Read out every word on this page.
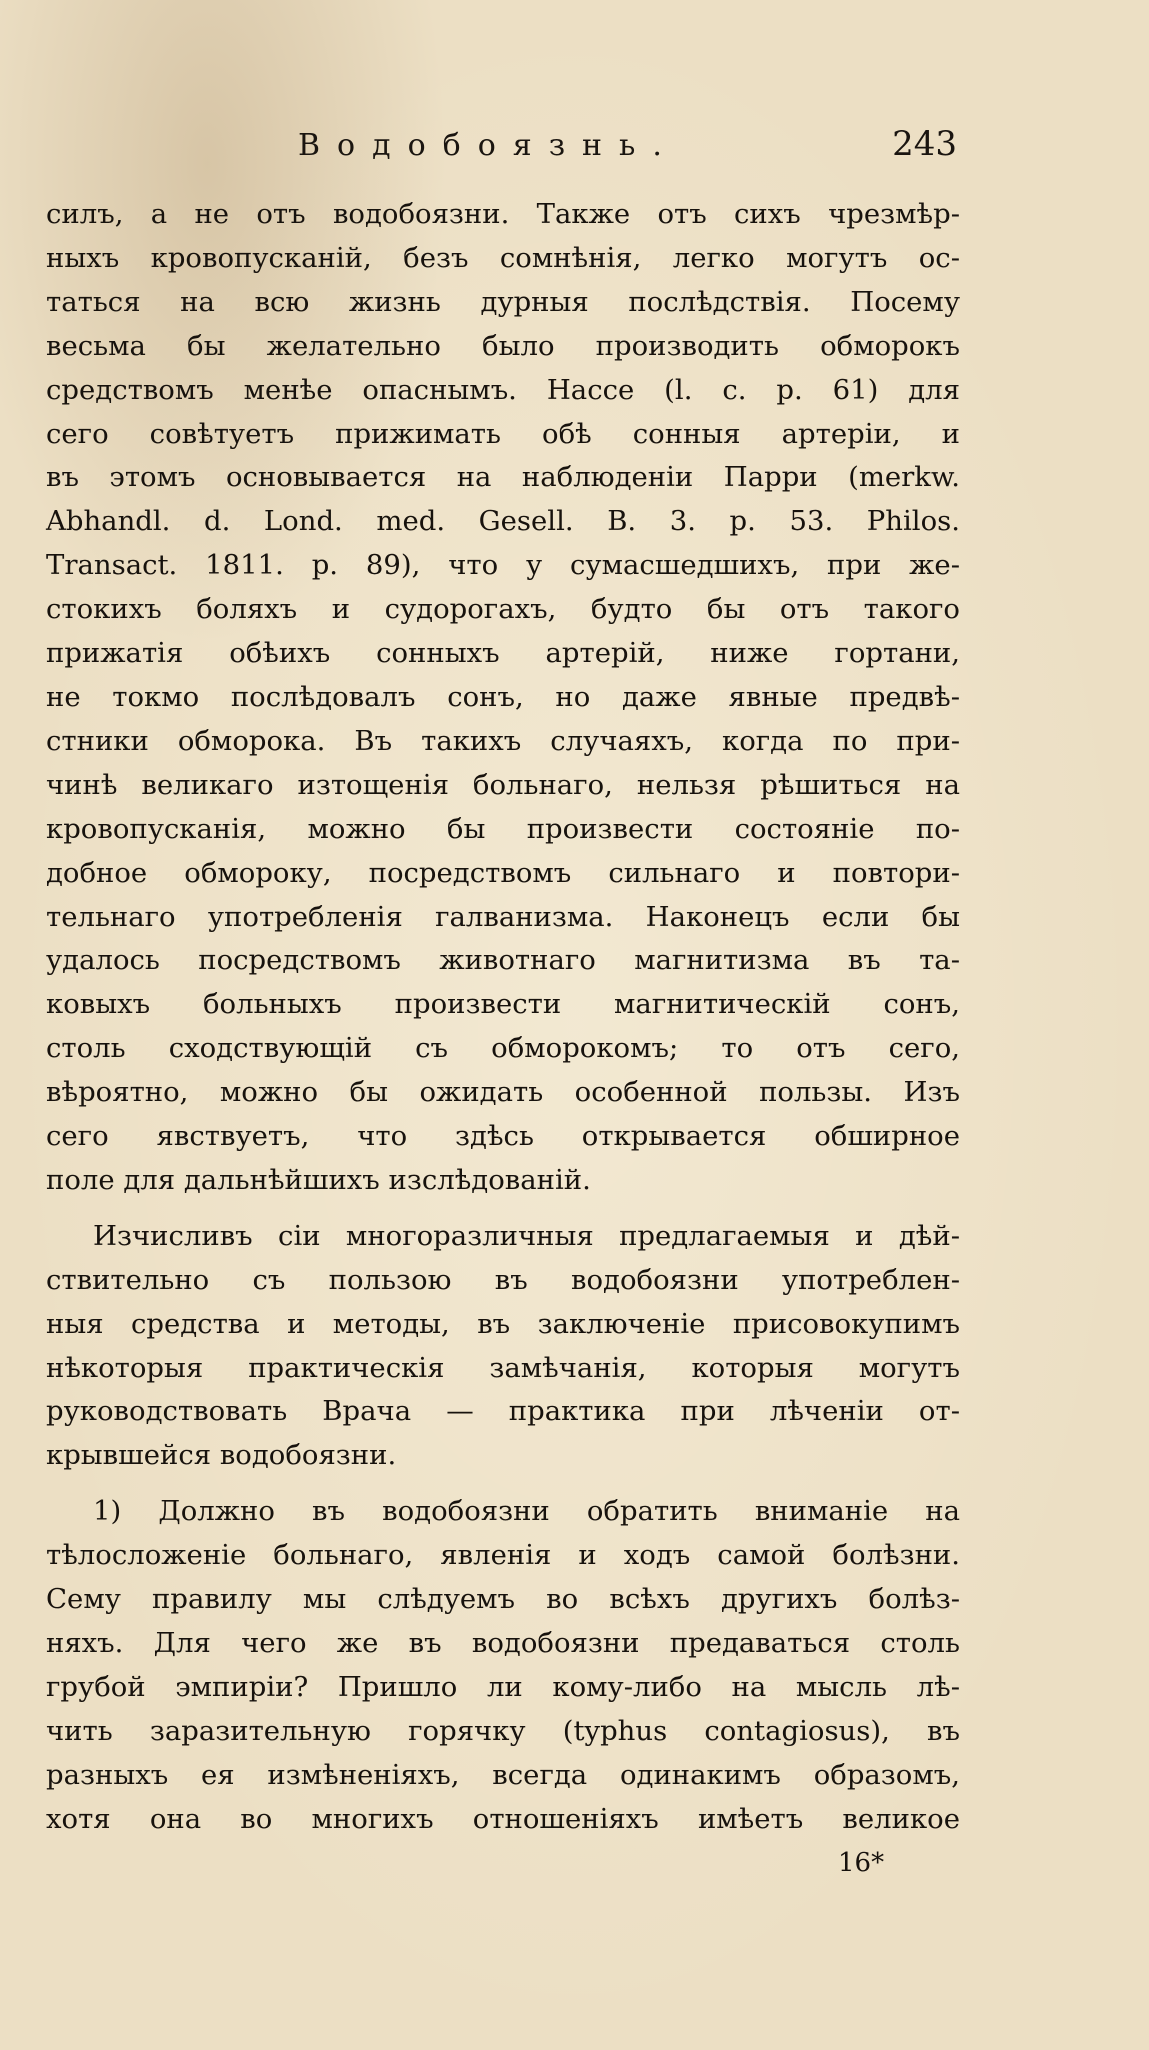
Водобоязнь.	243
силъ, а не отъ водобоязни. Также отъ сихъ чрезмѣр-
ныхъ кровопусканій, безъ сомнѣнія, легко могутъ ос-
таться на всю жизнь дурныя послѣдствія. Посему
весьма бы желательно было производить обморокъ
средствомъ менѣе опаснымъ. Нассе (l. c. p. 61) для
сего совѣтуетъ прижимать обѣ сонныя артеріи, и
въ этомъ основывается на наблюденіи Парри (merkw.
Abhandl. d. Lond. med. Gesell. B. 3. p. 53. Philos.
Transact. 1811. p. 89), что у сумасшедшихъ, при же-
стокихъ боляхъ и судорогахъ, будто бы отъ такого
прижатія обѣихъ сонныхъ артерій, ниже гортани,
не токмо послѣдовалъ сонъ, но даже явные предвѣ-
стники обморока. Въ такихъ случаяхъ, когда по при-
чинѣ великаго изтощенія больнаго, нельзя рѣшиться на
кровопусканія, можно бы произвести состояніе по-
добное обмороку, посредствомъ сильнаго и повтори-
тельнаго употребленія галванизма. Наконецъ если бы
удалось посредствомъ животнаго магнитизма въ та-
ковыхъ больныхъ произвести магнитическій сонъ,
столь сходствующій съ обморокомъ; то отъ сего,
вѣроятно, можно бы ожидать особенной пользы. Изъ
сего явствуетъ, что здѣсь открывается обширное
поле для дальнѣйшихъ изслѣдованій.
Изчисливъ сіи многоразличныя предлагаемыя и дѣй-
ствительно съ пользою въ водобоязни употреблен-
ныя средства и методы, въ заключеніе присовокупимъ
нѣкоторыя практическія замѣчанія, которыя могутъ
руководствовать Врача — практика при лѣченіи от-
крывшейся водобоязни.
1) Должно въ водобоязни обратить вниманіе на
тѣлосложеніе больнаго, явленія и ходъ самой болѣзни.
Сему правилу мы слѣдуемъ во всѣхъ другихъ болѣз-
няхъ. Для чего же въ водобоязни предаваться столь
грубой эмпиріи? Пришло ли кому-либо на мысль лѣ-
чить заразительную горячку (typhus contagiosus), въ
разныхъ ея измѣненіяхъ, всегда одинакимъ образомъ,
хотя она во многихъ отношеніяхъ имѣетъ великое
16*
